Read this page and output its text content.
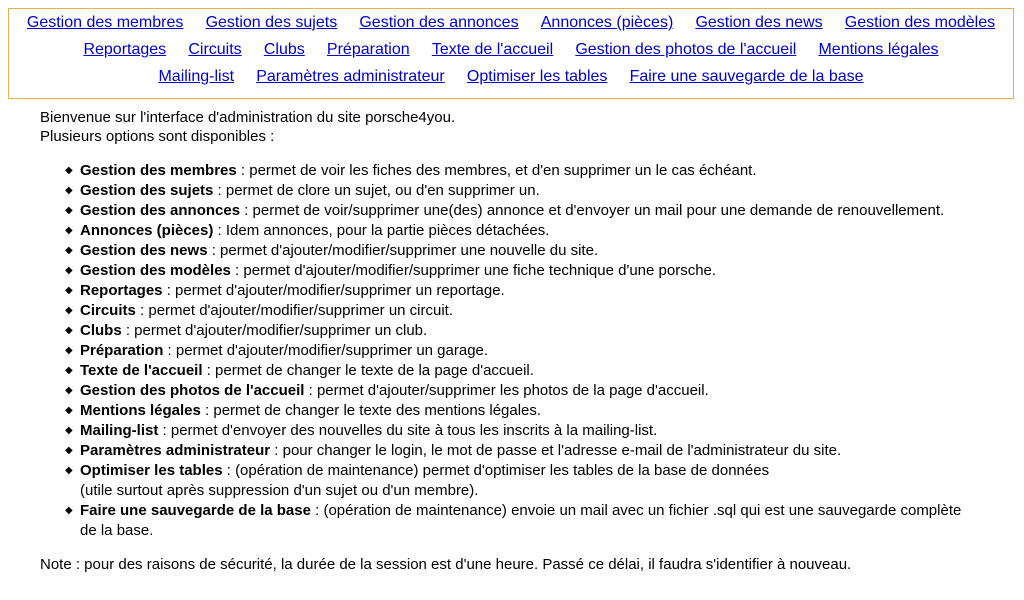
Gestion des membres Gestion des sujets Gestion des annonces Annonces (pièces) Gestion des news Gestion des modèles
Reportages Circuits Clubs Préparation Texte de l'accueil Gestion des photos de l'accueil Mentions légales
Mailing-list Paramètres administrateur Optimiser les tables Faire une sauvegarde de la base

Bienvenue sur l'interface d'administration du site porsche4you.

Plusieurs options sont disponibles :

◆ Gestion des membres : permet de voir les fiches des membres, et d'en supprimer un le cas échéant.
◆ Gestion des sujets : permet de clore un sujet, ou d'en supprimer un.
◆ Gestion des annonces : permet de voir/supprimer une(des) annonce et d'envoyer un mail pour une demande de renouvellement.
◆ Annonces (pièces) : Idem annonces, pour la partie pièces détachées.
◆ Gestion des news : permet d'ajouter/modifier/supprimer une nouvelle du site.
◆ Gestion des modèles : permet d'ajouter/modifier/supprimer une fiche technique d'une porsche.
◆ Reportages : permet d'ajouter/modifier/supprimer un reportage.
◆ Circuits : permet d'ajouter/modifier/supprimer un circuit.
◆ Clubs : permet d'ajouter/modifier/supprimer un club.
◆ Préparation : permet d'ajouter/modifier/supprimer un garage.
◆ Texte de l'accueil : permet de changer le texte de la page d'accueil.
◆ Gestion des photos de l'accueil : permet d'ajouter/supprimer les photos de la page d'accueil.
◆ Mentions légales : permet de changer le texte des mentions légales.
◆ Mailing-list : permet d'envoyer des nouvelles du site à tous les inscrits à la mailing-list.
◆ Paramètres administrateur : pour changer le login, le mot de passe et l'adresse e-mail de l'administrateur du site.
◆ Optimiser les tables : (opération de maintenance) permet d'optimiser les tables de la base de données
(utile surtout après suppression d'un sujet ou d'un membre).
◆ Faire une sauvegarde de la base : (opération de maintenance) envoie un mail avec un fichier .sql qui est une sauvegarde complète
de la base.
Note : pour des raisons de sécurité, la durée de la session est d'une heure. Passé ce délai, il faudra s'identifier à nouveau.
